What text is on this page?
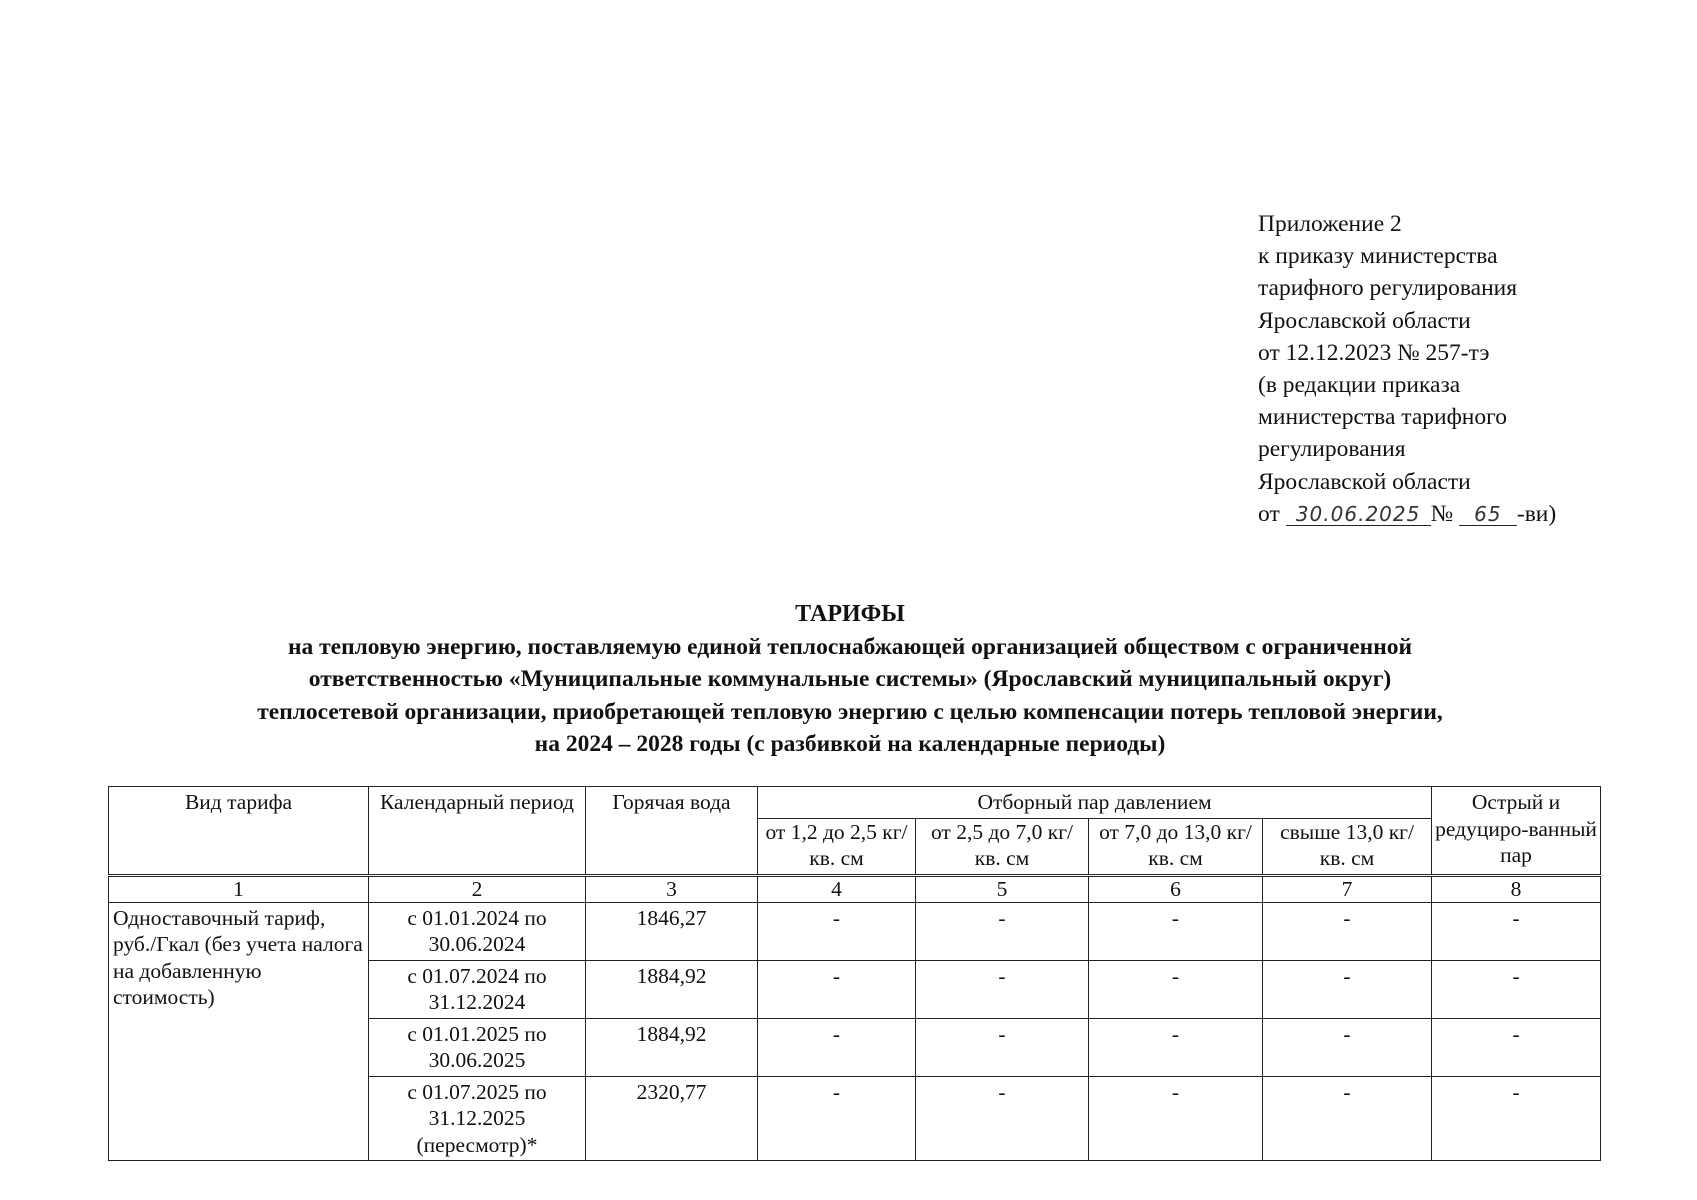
Приложение 2
к приказу министерства
тарифного регулирования
Ярославской области
от 12.12.2023 № 257-тэ
(в редакции приказа
министерства тарифного
регулирования
Ярославской области
от 30.06.2025 № 65 -ви)
ТАРИФЫ
на тепловую энергию, поставляемую единой теплоснабжающей организацией обществом с ограниченной
ответственностью «Муниципальные коммунальные системы» (Ярославский муниципальный округ)
теплосетевой организации, приобретающей тепловую энергию с целью компенсации потерь тепловой энергии,
на 2024 – 2028 годы (с разбивкой на календарные периоды)
Вид тарифа	Календарный период	Горячая вода	Отборный пар давлением				Острый и редуциро-ванный пар
			от 1,2 до 2,5 кг/ кв. см	от 2,5 до 7,0 кг/ кв. см	от 7,0 до 13,0 кг/ кв. см	свыше 13,0 кг/ кв. см	
1	2	3	4	5	6	7	8
Одноставочный тариф, руб./Гкал (без учета налога на добавленную стоимость)	с 01.01.2024 по 30.06.2024	1846,27	-	-	-	-	-
	с 01.07.2024 по 31.12.2024	1884,92	-	-	-	-	-
	с 01.01.2025 по 30.06.2025	1884,92	-	-	-	-	-
	с 01.07.2025 по 31.12.2025 (пересмотр)*	2320,77	-	-	-	-	-
